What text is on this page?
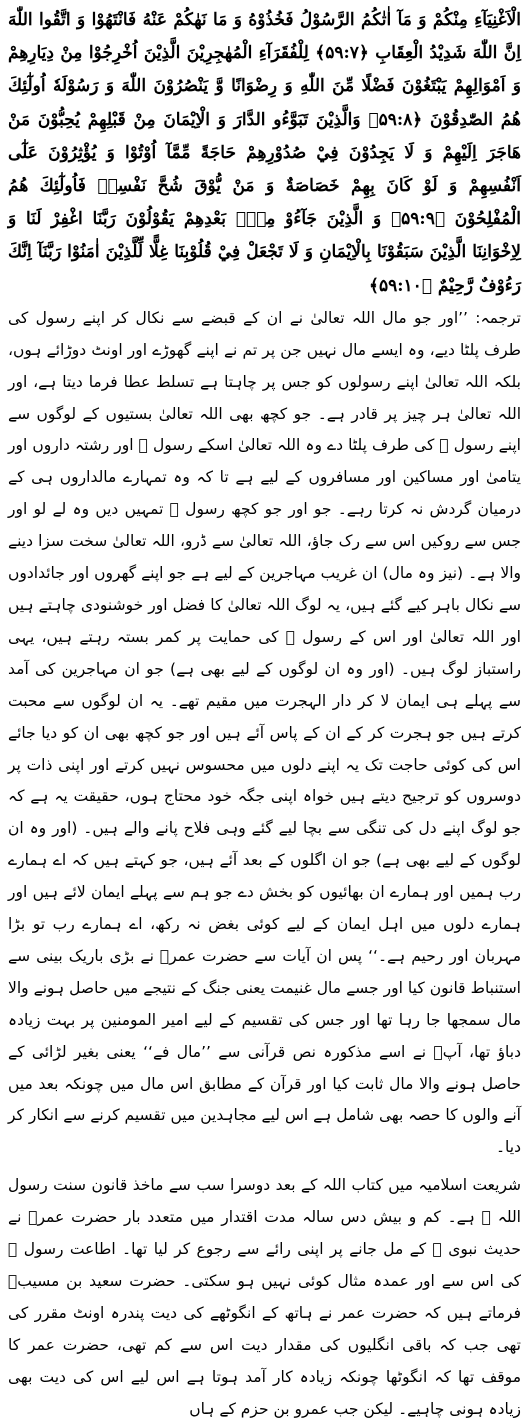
الْاَغْنِيَآءِ مِنْكُمْ وَ مَآ اٰتٰكُمُ الرَّسُوْلُ فَخُذُوْهُ وَ مَا نَهٰكُمْ عَنْهُ فَانْتَهُوْا وَ اتَّقُوا اللّٰهَ اِنَّ اللّٰهَ شَدِيْدُ الْعِقَابِ ﴿۵۹:۷﴾ لِلْفُقَرَآءِ الْمُهٰجِرِيْنَ الَّذِيْنَ اُخْرِجُوْا مِنْ دِيَارِهِمْ وَ اَمْوَالِهِمْ يَبْتَغُوْنَ فَضْلًا مِّنَ اللّٰهِ وَ رِضْوَانًا وَّ يَنْصُرُوْنَ اللّٰهَ وَ رَسُوْلَهٗ اُولٰٓئِكَ هُمُ الصّٰدِقُوْنَ ﴿۵۹:۸﴾ وَالَّذِيْنَ تَبَوَّءُو الدَّارَ وَ الْاِيْمَانَ مِنْ قَبْلِهِمْ يُحِبُّوْنَ مَنْ هَاجَرَ اِلَيْهِمْ وَ لَا يَجِدُوْنَ فِيْ صُدُوْرِهِمْ حَاجَةً مِّمَّآ اُوْتُوْا وَ يُؤْثِرُوْنَ عَلٰٓى اَنْفُسِهِمْ وَ لَوْ كَانَ بِهِمْ خَصَاصَةٌ وَ مَنْ يُّوْقَ شُحَّ نَفْسِهٖ فَاُولٰٓئِكَ هُمُ الْمُفْلِحُوْنَ ﴿۵۹:۹﴾ وَ الَّذِيْنَ جَآءُوْ مِنْۢ بَعْدِهِمْ يَقُوْلُوْنَ رَبَّنَا اغْفِرْ لَنَا وَ لِاِخْوَانِنَا الَّذِيْنَ سَبَقُوْنَا بِالْاِيْمَانِ وَ لَا تَجْعَلْ فِيْ قُلُوْبِنَا غِلًّا لِّلَّذِيْنَ اٰمَنُوْا رَبَّنَآ اِنَّكَ رَءُوْفٌ رَّحِيْمٌ ﴿۵۹:۱۰﴾

ترجمہ: ’’اور جو مال اللہ تعالیٰ نے ان کے قبضے سے نکال کر اپنے رسول کی طرف پلٹا دیے، وہ ایسے مال نہیں جن پر تم نے اپنے گھوڑے اور اونٹ دوڑائے ہوں، بلکہ اللہ تعالیٰ اپنے رسولوں کو جس پر چاہتا ہے تسلط عطا فرما دیتا ہے، اور اللہ تعالیٰ ہر چیز پر قادر ہے۔ جو کچھ بھی اللہ تعالیٰ بستیوں کے لوگوں سے اپنے رسول ﷺ کی طرف پلٹا دے وہ اللہ تعالیٰ اسکے رسول ﷺ اور رشتہ داروں اور یتامیٰ اور مساکین اور مسافروں کے لیے ہے تا کہ وہ تمہارے مالداروں ہی کے درمیان گردش نہ کرتا رہے۔ جو اور جو کچھ رسول ﷺ تمہیں دیں وہ لے لو اور جس سے روکیں اس سے رک جاؤ، اللہ تعالیٰ سے ڈرو، اللہ تعالیٰ سخت سزا دینے والا ہے۔ (نیز وہ مال) ان غریب مہاجرین کے لیے ہے جو اپنے گھروں اور جائدادوں سے نکال باہر کیے گئے ہیں، یہ لوگ اللہ تعالیٰ کا فضل اور خوشنودی چاہتے ہیں اور اللہ تعالیٰ اور اس کے رسول ﷺ کی حمایت پر کمر بستہ رہتے ہیں، یہی راستباز لوگ ہیں۔ (اور وہ ان لوگوں کے لیے بھی ہے) جو ان مہاجرین کی آمد سے پہلے ہی ایمان لا کر دار الہجرت میں مقیم تھے۔ یہ ان لوگوں سے محبت کرتے ہیں جو ہجرت کر کے ان کے پاس آئے ہیں اور جو کچھ بھی ان کو دیا جائے اس کی کوئی حاجت تک یہ اپنے دلوں میں محسوس نہیں کرتے اور اپنی ذات پر دوسروں کو ترجیح دیتے ہیں خواہ اپنی جگہ خود محتاج ہوں، حقیقت یہ ہے کہ جو لوگ اپنے دل کی تنگی سے بچا لیے گئے وہی فلاح پانے والے ہیں۔ (اور وہ ان لوگوں کے لیے بھی ہے) جو ان اگلوں کے بعد آئے ہیں، جو کہتے ہیں کہ اے ہمارے رب ہمیں اور ہمارے ان بھائیوں کو بخش دے جو ہم سے پہلے ایمان لائے ہیں اور ہمارے دلوں میں اہل ایمان کے لیے کوئی بغض نہ رکھ، اے ہمارے رب تو بڑا مہربان اور رحیم ہے۔‘‘ پس ان آیات سے حضرت عمرؓ نے بڑی باریک بینی سے استنباط قانون کیا اور جسے مال غنیمت یعنی جنگ کے نتیجے میں حاصل ہونے والا مال سمجھا جا رہا تھا اور جس کی تقسیم کے لیے امیر المومنین پر بہت زیادہ دباؤ تھا، آپؓ نے اسے مذکورہ نص قرآنی سے ’’مال فے‘‘ یعنی بغیر لڑائی کے حاصل ہونے والا مال ثابت کیا اور قرآن کے مطابق اس مال میں چونکہ بعد میں آنے والوں کا حصہ بھی شامل ہے اس لیے مجاہدین میں تقسیم کرنے سے انکار کر دیا۔

شریعت اسلامیہ میں کتاب اللہ کے بعد دوسرا سب سے ماخذ قانون سنت رسول اللہ ﷺ ہے۔ کم و بیش دس سالہ مدت اقتدار میں متعدد بار حضرت عمرؓ نے حدیث نبوی ﷺ کے مل جانے پر اپنی رائے سے رجوع کر لیا تھا۔ اطاعت رسول ﷺ کی اس سے اور عمدہ مثال کوئی نہیں ہو سکتی۔ حضرت سعید بن مسیبؒ فرماتے ہیں کہ حضرت عمر نے ہاتھ کے انگوٹھے کی دیت پندرہ اونٹ مقرر کی تھی جب کہ باقی انگلیوں کی مقدار دیت اس سے کم تھی، حضرت عمر کا موقف تھا کہ انگوٹھا چونکہ زیادہ کار آمد ہوتا ہے اس لیے اس کی دیت بھی زیادہ ہونی چاہیے۔ لیکن جب عمرو بن حزم کے ہاں
